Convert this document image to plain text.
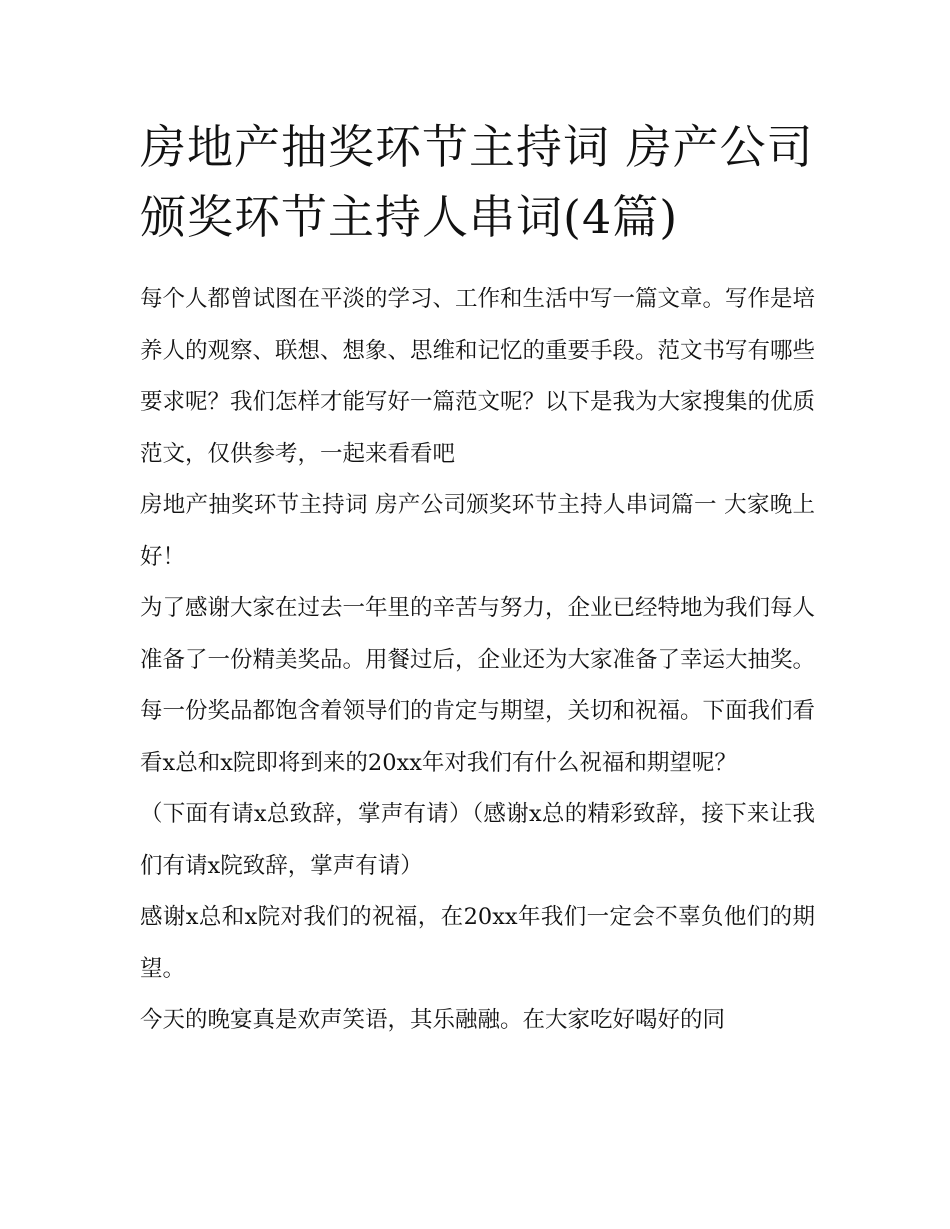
房地产抽奖环节主持词 房产公司颁奖环节主持人串词(4篇)

每个人都曾试图在平淡的学习、工作和生活中写一篇文章。写作是培养人的观察、联想、想象、思维和记忆的重要手段。范文书写有哪些要求呢？我们怎样才能写好一篇范文呢？以下是我为大家搜集的优质范文，仅供参考，一起来看看吧

房地产抽奖环节主持词 房产公司颁奖环节主持人串词篇一 大家晚上好！

为了感谢大家在过去一年里的辛苦与努力，企业已经特地为我们每人准备了一份精美奖品。用餐过后，企业还为大家准备了幸运大抽奖。每一份奖品都饱含着领导们的肯定与期望，关切和祝福。下面我们看看x总和x院即将到来的20xx年对我们有什么祝福和期望呢？

（下面有请x总致辞，掌声有请）（感谢x总的精彩致辞，接下来让我们有请x院致辞，掌声有请）

感谢x总和x院对我们的祝福，在20xx年我们一定会不辜负他们的期望。

今天的晚宴真是欢声笑语，其乐融融。在大家吃好喝好的同
